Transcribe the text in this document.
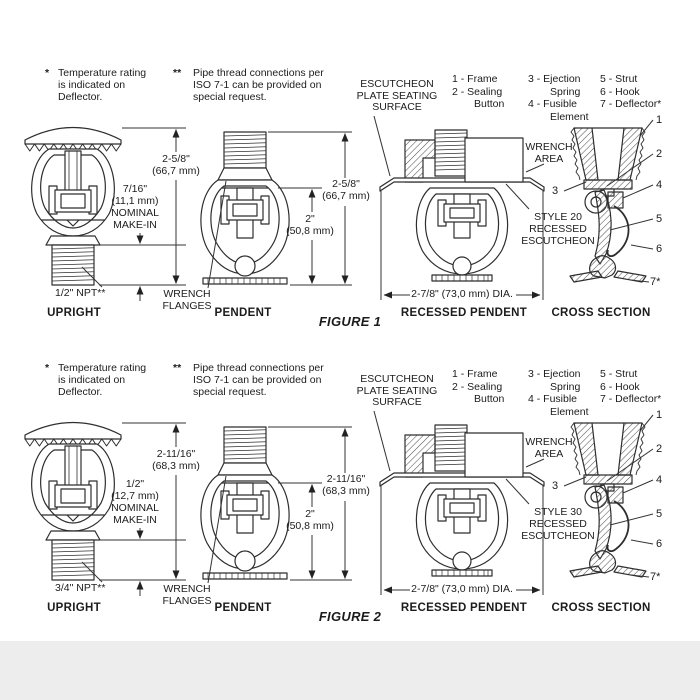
* Temperature rating
is indicated on
Deflector.
** Pipe thread connections per
ISO 7-1 can be provided on
special request.
ESCUTCHEON
PLATE SEATING
SURFACE
1 - Frame
2 - Sealing
Button
3 - Ejection
Spring
4 - Fusible
Element
5 - Strut
6 - Hook
7 - Deflector*
2-5/8"
(66,7 mm)
7/16"
(11,1 mm)
NOMINAL
MAKE-IN
1/2" NPT**
UPRIGHT
WRENCH
FLANGES
2"
(50,8 mm)
2-5/8"
(66,7 mm)
PENDENT
WRENCH
AREA
STYLE 20
RECESSED
ESCUTCHEON
2-7/8" (73,0 mm) DIA.
RECESSED PENDENT
1
2
3	4
5
6
7*
CROSS SECTION
FIGURE 1
* Temperature rating
is indicated on
Deflector.
** Pipe thread connections per
ISO 7-1 can be provided on
special request.
ESCUTCHEON
PLATE SEATING
SURFACE
1 - Frame
2 - Sealing
Button
3 - Ejection
Spring
4 - Fusible
Element
5 - Strut
6 - Hook
7 - Deflector*
2-11/16"
(68,3 mm)
1/2"
(12,7 mm)
NOMINAL
MAKE-IN
3/4" NPT**
UPRIGHT
WRENCH
FLANGES
2"
(50,8 mm)
2-11/16"
(68,3 mm)
PENDENT
WRENCH
AREA
STYLE 30
RECESSED
ESCUTCHEON
2-7/8" (73,0 mm) DIA.
RECESSED PENDENT
1
2
3	4
5
6
7*
CROSS SECTION
FIGURE 2
